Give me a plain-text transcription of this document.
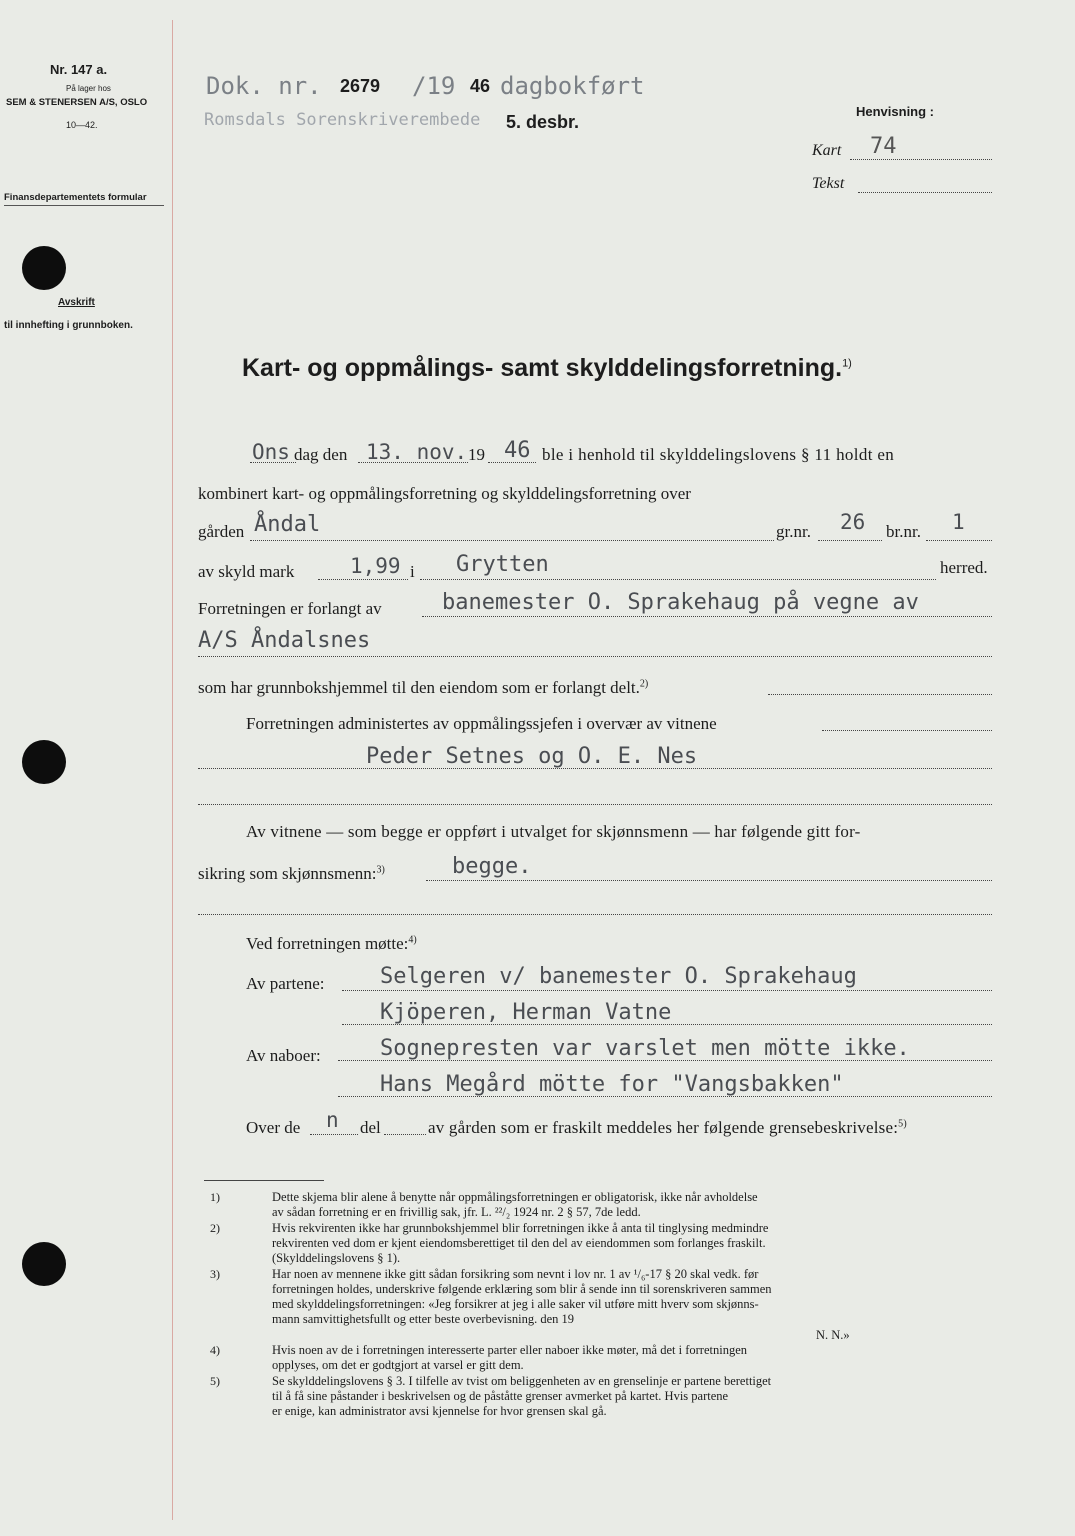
Nr. 147 a.
På lager hos
SEM & STENERSEN A/S, OSLO
10—42.
Finansdepartementets formular
Avskrift
til innhefting i grunnboken.
Dok. nr. 2679 /19 46 dagbokført
Romsdals Sorenskriverembede 5. desbr.
Henvisning :
Kart 74
Tekst
Kart- og oppmålings- samt skylddelingsforretning.$^{1)}$
Ons dag den 13. nov. 19 46 ble i henhold til skylddelingslovens § 11 holdt en
kombinert kart- og oppmålingsforretning og skylddelingsforretning over
gården Åndal	gr.nr. 26 br.nr. 1
av skyld mark	1,99 i Grytten	herred.
Forretningen er forlangt av	banemester O. Sprakehaug på vegne av
A/S Åndalsnes
som har grunnbokshjemmel til den eiendom som er forlangt delt.$^{2)}$
Forretningen administertes av oppmålingssjefen i overvær av vitnene
Peder Setnes og O. E. Nes
Av vitnene — som begge er oppført i utvalget for skjønnsmenn — har følgende gitt for-
sikring som skjønnsmenn:$^{3)}$	begge.
Ved forretningen møtte:$^{4)}$
Av partene:	Selgeren v/ banemester O. Sprakehaug
Kjöperen, Herman Vatne
Av naboer:	Sognepresten var varslet men mötte ikke.
Hans Megård mötte for "Vangsbakken"
Over de n del	av gården som er fraskilt meddeles her følgende grensebeskrivelse:$^{5)}$
1)	Dette skjema blir alene å benytte når oppmålingsforretningen er obligatorisk, ikke når avholdelse
av sådan forretning er en frivillig sak, jfr. L. ²²/₂ 1924 nr. 2 § 57, 7de ledd.
2)	Hvis rekvirenten ikke har grunnbokshjemmel blir forretningen ikke å anta til tinglysing medmindre
rekvirenten ved dom er kjent eiendomsberettiget til den del av eiendommen som forlanges fraskilt.
(Skylddelingslovens § 1).
3)	Har noen av mennene ikke gitt sådan forsikring som nevnt i lov nr. 1 av ¹/₆-17 § 20 skal vedk. før
forretningen holdes, underskrive følgende erklæring som blir å sende inn til sorenskriveren sammen
med skylddelingsforretningen: «Jeg forsikrer at jeg i alle saker vil utføre mitt hverv som skjønns-
mann samvittighetsfullt og etter beste overbevisning. den 19
N. N.»
4)	Hvis noen av de i forretningen interesserte parter eller naboer ikke møter, må det i forretningen
opplyses, om det er godtgjort at varsel er gitt dem.
5)	Se skylddelingslovens § 3. I tilfelle av tvist om beliggenheten av en grenselinje er partene berettiget
til å få sine påstander i beskrivelsen og de påståtte grenser avmerket på kartet. Hvis partene
er enige, kan administrator avsi kjennelse for hvor grensen skal gå.
